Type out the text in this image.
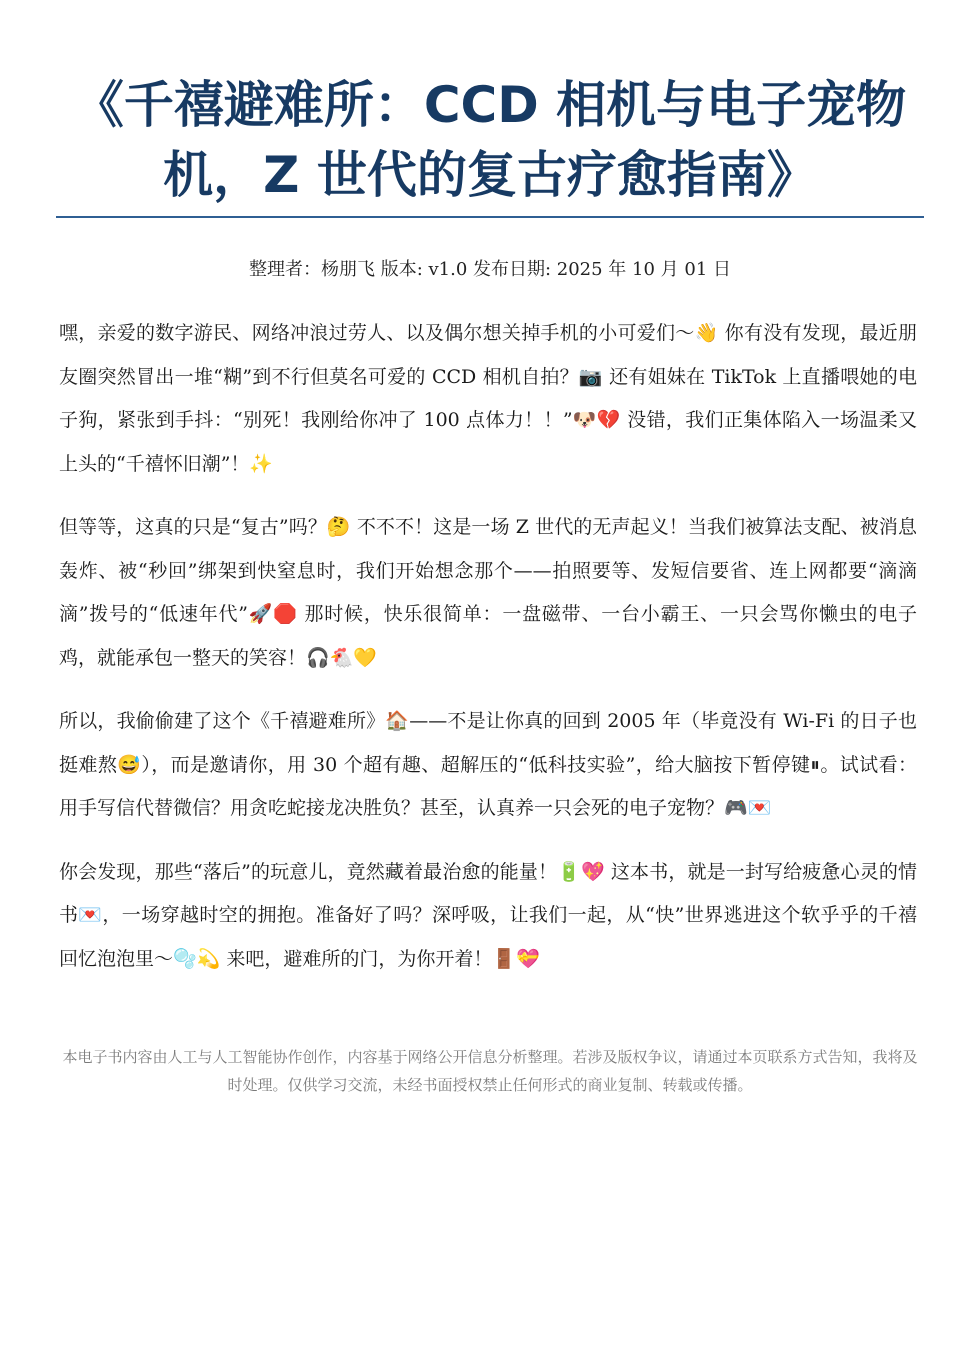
《千禧避难所：CCD 相机与电子宠物机，Z 世代的复古疗愈指南》
整理者：杨朋飞 版本: v1.0 发布日期: 2025 年 10 月 01 日

嘿，亲爱的数字游民、网络冲浪过劳人、以及偶尔想关掉手机的小可爱们～👋 你有没有发现，最近朋友圈突然冒出一堆“糊”到不行但莫名可爱的 CCD 相机自拍？📷 还有姐妹在 TikTok 上直播喂她的电子狗，紧张到手抖：“别死！我刚给你冲了 100 点体力！！”🐶💔 没错，我们正集体陷入一场温柔又上头的“千禧怀旧潮”！✨

但等等，这真的只是“复古”吗？🤔 不不不！这是一场 Z 世代的无声起义！当我们被算法支配、被消息轰炸、被“秒回”绑架到快窒息时，我们开始想念那个——拍照要等、发短信要省、连上网都要“滴滴滴”拨号的“低速年代”🚀🛑 那时候，快乐很简单：一盘磁带、一台小霸王、一只会骂你懒虫的电子鸡，就能承包一整天的笑容！🎧🐔💛

所以，我偷偷建了这个《千禧避难所》🏠——不是让你真的回到 2005 年（毕竟没有 Wi-Fi 的日子也挺难熬😅），而是邀请你，用 30 个超有趣、超解压的“低科技实验”，给大脑按下暂停键⏸。试试看：用手写信代替微信？用贪吃蛇接龙决胜负？甚至，认真养一只会死的电子宠物？🎮💌

你会发现，那些“落后”的玩意儿，竟然藏着最治愈的能量！🔋💖 这本书，就是一封写给疲惫心灵的情书💌，一场穿越时空的拥抱。准备好了吗？深呼吸，让我们一起，从“快”世界逃进这个软乎乎的千禧回忆泡泡里～🫧💫 来吧，避难所的门，为你开着！🚪💝

本电子书内容由人工与人工智能协作创作，内容基于网络公开信息分析整理。若涉及版权争议，请通过本页联系方式告知，我将及时处理。仅供学习交流，未经书面授权禁止任何形式的商业复制、转载或传播。
